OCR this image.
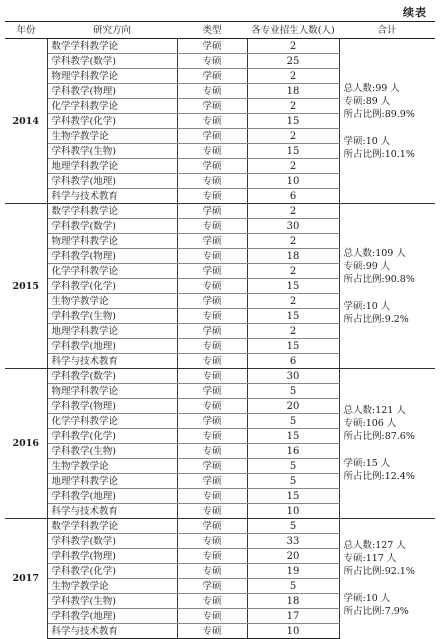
续表
年份	研究方向	类型	各专业招生人数(人)	合计
2014	数学学科教学论	学硕	2	总人数:99 人
专硕:89 人
所占比例:89.9%
学硕:10 人
所占比例:10.1%

	学科教学(数学)	专硕	25	
	物理学科教学论	学硕	2	
	学科教学(物理)	专硕	18	
	化学学科教学论	学硕	2	
	学科教学(化学)	专硕	15	
	生物学教学论	学硕	2	
	学科教学(生物)	专硕	15	
	地理学科教学论	学硕	2	
	学科教学(地理)	专硕	10	
	科学与技术教育	专硕	6	
2015	数学学科教学论	学硕	2	总人数:109 人
专硕:99 人
所占比例:90.8%
学硕:10 人
所占比例:9.2%

	学科教学(数学)	专硕	30	
	物理学科教学论	学硕	2	
	学科教学(物理)	专硕	18	
	化学学科教学论	学硕	2	
	学科教学(化学)	专硕	15	
	生物学教学论	学硕	2	
	学科教学(生物)	专硕	15	
	地理学科教学论	学硕	2	
	学科教学(地理)	专硕	15	
	科学与技术教育	专硕	6	
2016	学科教学(数学)	专硕	30	总人数:121 人
专硕:106 人
所占比例:87.6%
学硕:15 人
所占比例:12.4%

	物理学科教学论	学硕	5	
	学科教学(物理)	专硕	20	
	化学学科教学论	学硕	5	
	学科教学(化学)	专硕	15	
	学科教学(生物)	专硕	16	
	生物学教学论	学硕	5	
	地理学科教学论	学硕	5	
	学科教学(地理)	专硕	15	
	科学与技术教育	专硕	10	
2017	数学学科教学论	学硕	5	总人数:127 人
专硕:117 人
所占比例:92.1%
学硕:10 人
所占比例:7.9%

	学科教学(数学)	专硕	33	
	学科教学(物理)	专硕	20	
	学科教学(化学)	专硕	19	
	生物学教学论	学硕	5	
	学科教学(生物)	专硕	18	
	学科教学(地理)	专硕	17	
	科学与技术教育	专硕	10	
